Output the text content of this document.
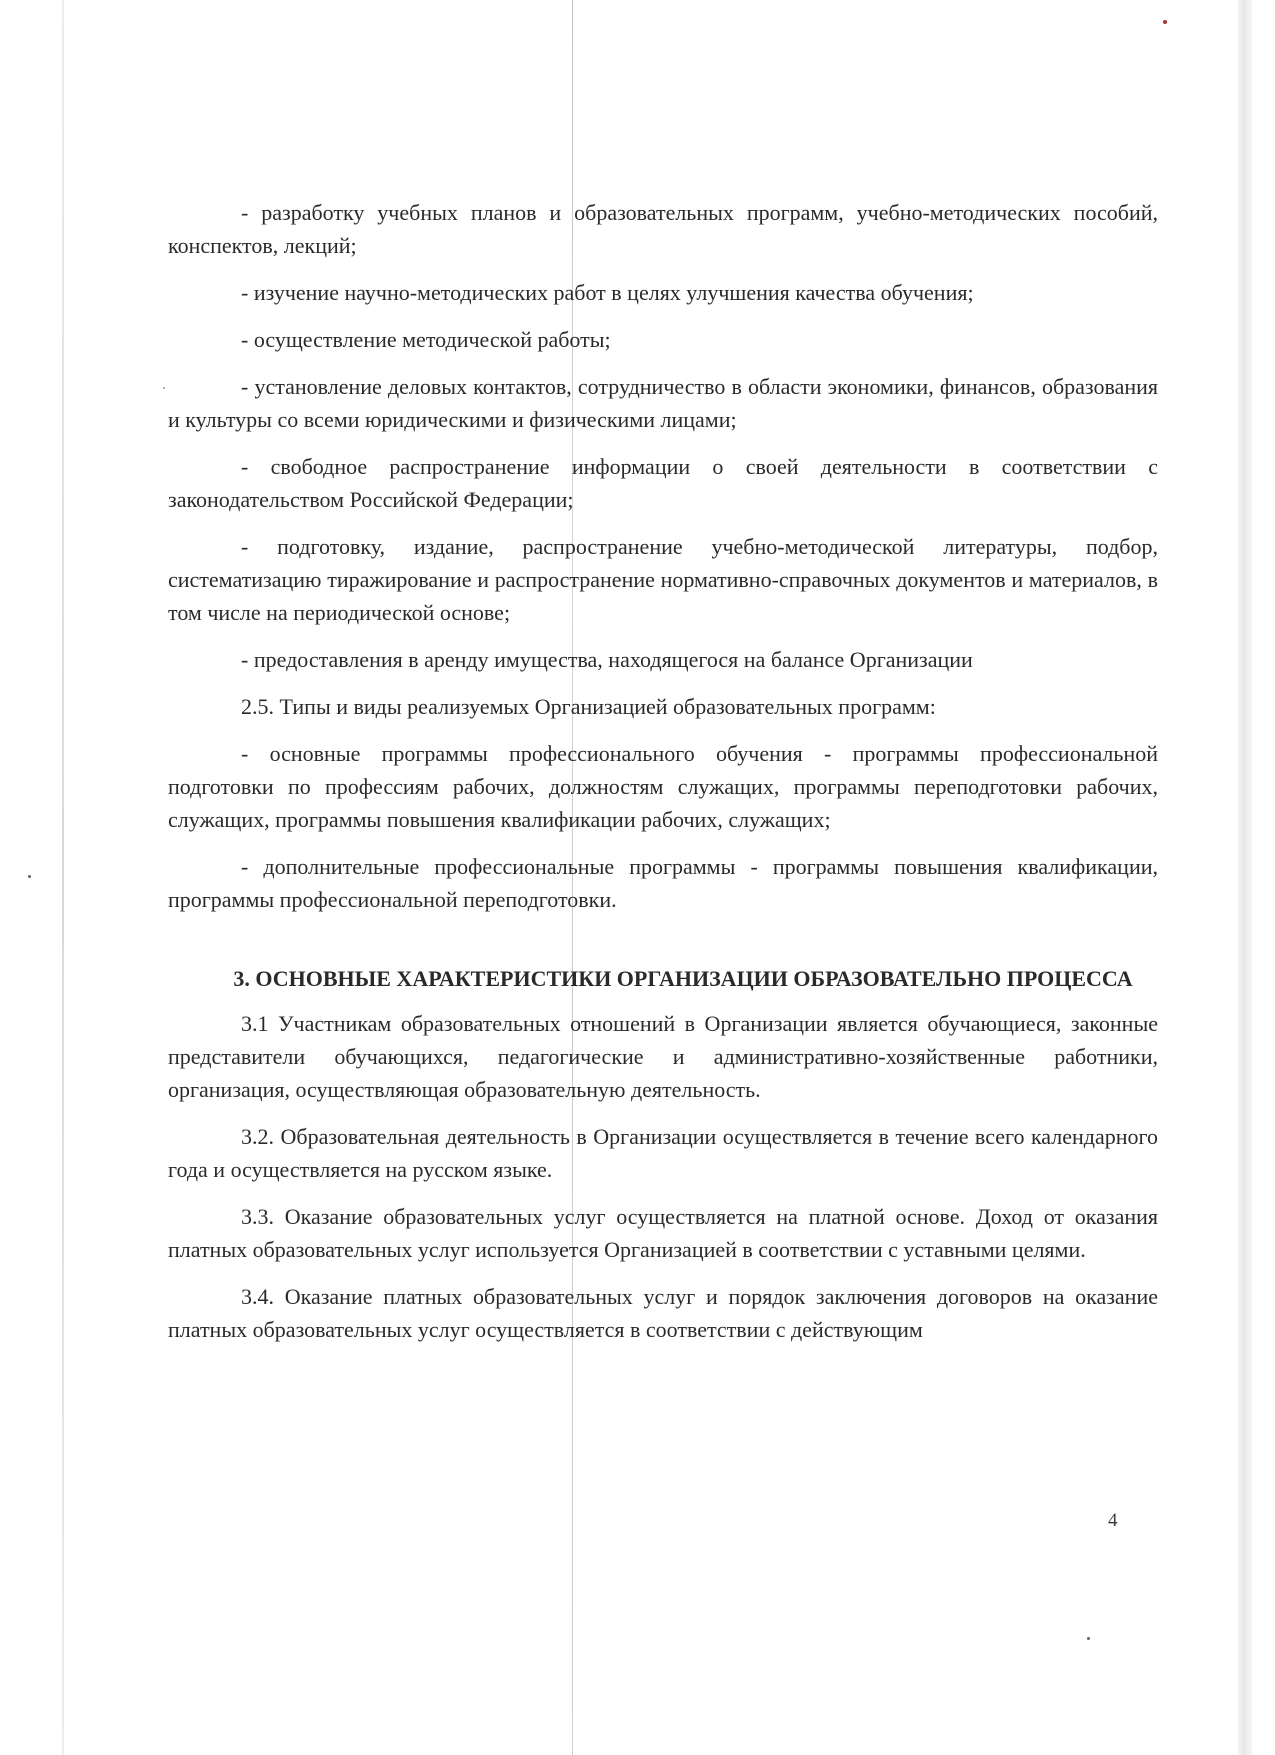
- разработку учебных планов и образовательных программ, учебно-методических пособий, конспектов, лекций;

- изучение научно-методических работ в целях улучшения качества обучения;

- осуществление методической работы;

- установление деловых контактов, сотрудничество в области экономики, финансов, образования и культуры со всеми юридическими и физическими лицами;

- свободное распространение информации о своей деятельности в соответствии с законодательством Российской Федерации;

- подготовку, издание, распространение учебно-методической литературы, подбор, систематизацию тиражирование и распространение нормативно-справочных документов и материалов, в том числе на периодической основе;

- предоставления в аренду имущества, находящегося на балансе Организации

2.5. Типы и виды реализуемых Организацией образовательных программ:

- основные программы профессионального обучения - программы профессиональной подготовки по профессиям рабочих, должностям служащих, программы переподготовки рабочих, служащих, программы повышения квалификации рабочих, служащих;

- дополнительные профессиональные программы - программы повышения квалификации, программы профессиональной переподготовки.

3. ОСНОВНЫЕ ХАРАКТЕРИСТИКИ ОРГАНИЗАЦИИ ОБРАЗОВАТЕЛЬНО ПРОЦЕССА

3.1 Участникам образовательных отношений в Организации является обучающиеся, законные представители обучающихся, педагогические и административно-хозяйственные работники, организация, осуществляющая образовательную деятельность.

3.2. Образовательная деятельность в Организации осуществляется в течение всего календарного года и осуществляется на русском языке.

3.3. Оказание образовательных услуг осуществляется на платной основе. Доход от оказания платных образовательных услуг используется Организацией в соответствии с уставными целями.

3.4. Оказание платных образовательных услуг и порядок заключения договоров на оказание платных образовательных услуг осуществляется в соответствии с действующим

4
